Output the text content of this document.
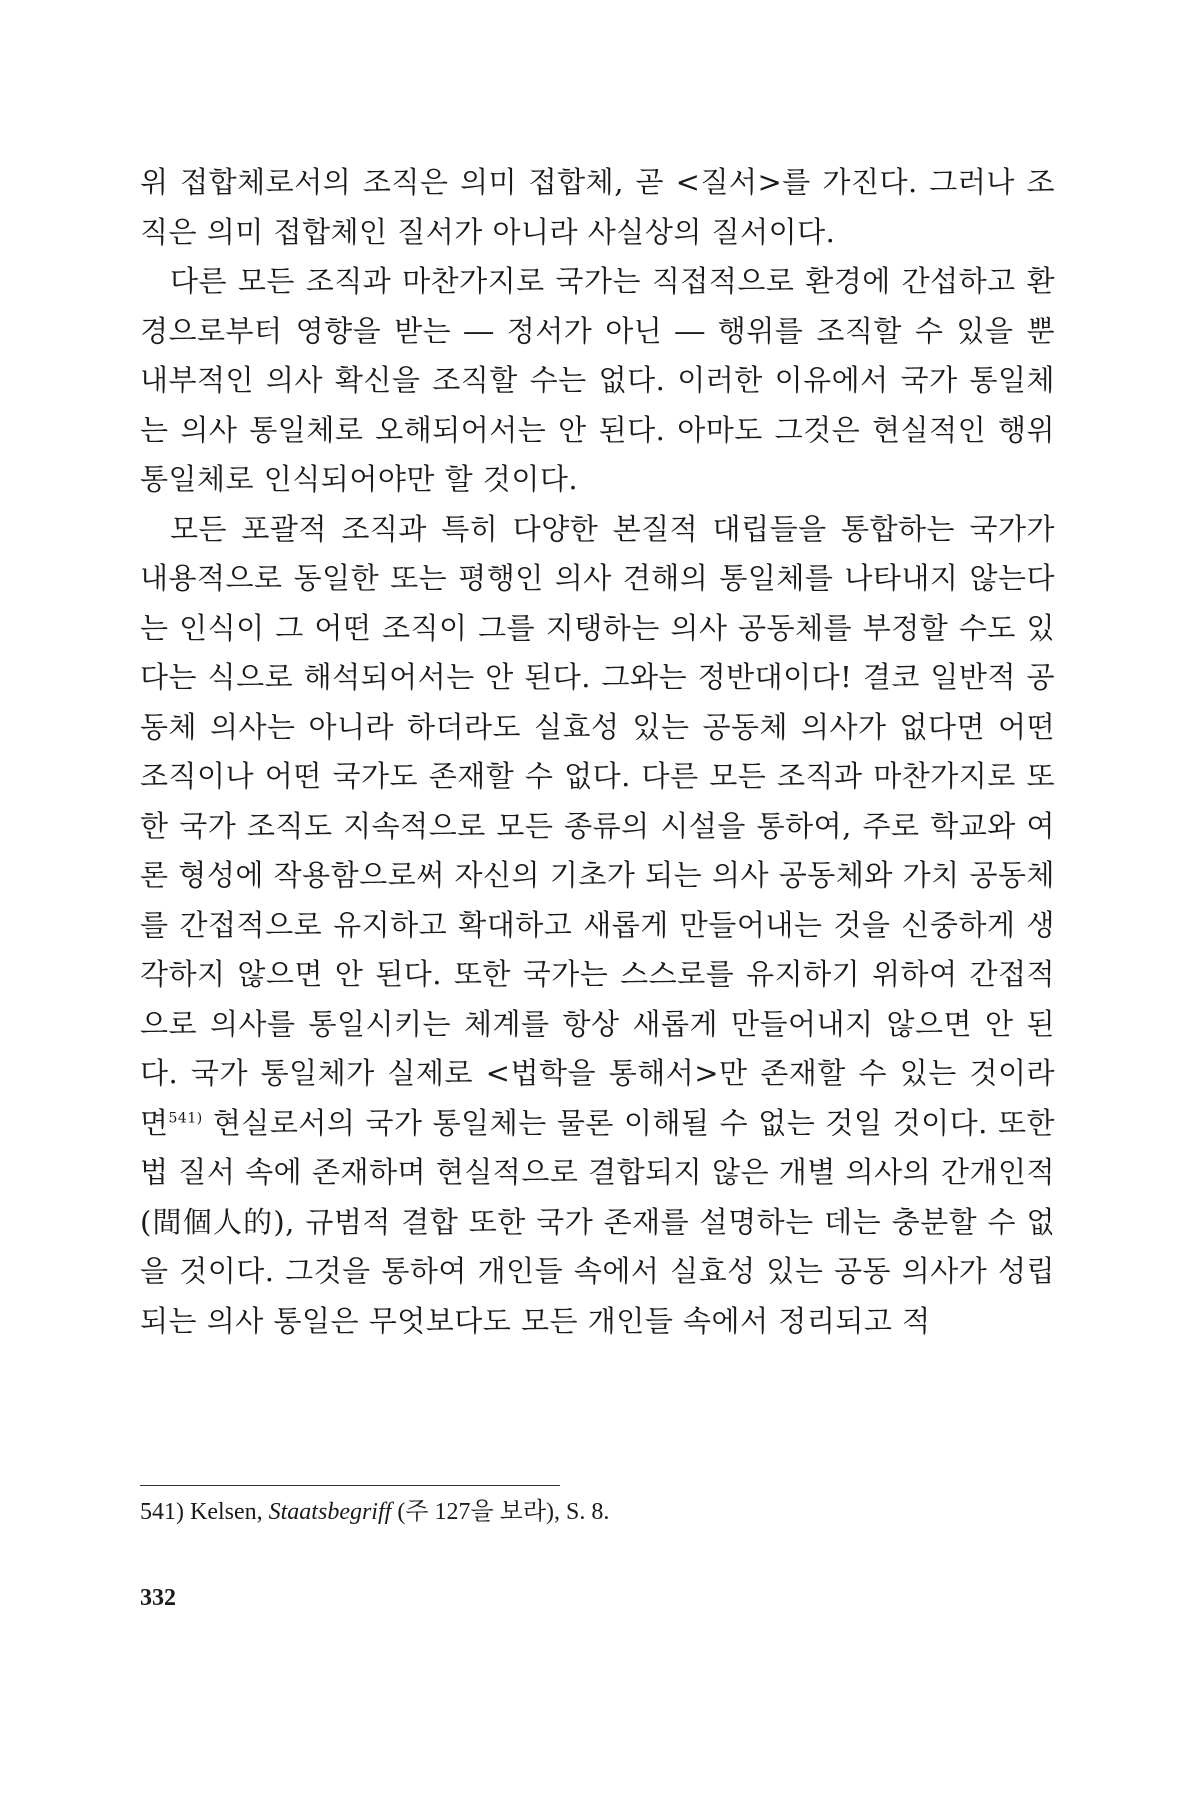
위 접합체로서의 조직은 의미 접합체, 곧 <질서>를 가진다. 그러나 조직은 의미 접합체인 질서가 아니라 사실상의 질서이다.

다른 모든 조직과 마찬가지로 국가는 직접적으로 환경에 간섭하고 환경으로부터 영향을 받는 ― 정서가 아닌 ― 행위를 조직할 수 있을 뿐 내부적인 의사 확신을 조직할 수는 없다. 이러한 이유에서 국가 통일체는 의사 통일체로 오해되어서는 안 된다. 아마도 그것은 현실적인 행위 통일체로 인식되어야만 할 것이다.

모든 포괄적 조직과 특히 다양한 본질적 대립들을 통합하는 국가가 내용적으로 동일한 또는 평행인 의사 견해의 통일체를 나타내지 않는다는 인식이 그 어떤 조직이 그를 지탱하는 의사 공동체를 부정할 수도 있다는 식으로 해석되어서는 안 된다. 그와는 정반대이다! 결코 일반적 공동체 의사는 아니라 하더라도 실효성 있는 공동체 의사가 없다면 어떤 조직이나 어떤 국가도 존재할 수 없다. 다른 모든 조직과 마찬가지로 또한 국가 조직도 지속적으로 모든 종류의 시설을 통하여, 주로 학교와 여론 형성에 작용함으로써 자신의 기초가 되는 의사 공동체와 가치 공동체를 간접적으로 유지하고 확대하고 새롭게 만들어내는 것을 신중하게 생각하지 않으면 안 된다. 또한 국가는 스스로를 유지하기 위하여 간접적으로 의사를 통일시키는 체계를 항상 새롭게 만들어내지 않으면 안 된다. 국가 통일체가 실제로 <법학을 통해서>만 존재할 수 있는 것이라면$^{541)}$ 현실로서의 국가 통일체는 물론 이해될 수 없는 것일 것이다. 또한 법 질서 속에 존재하며 현실적으로 결합되지 않은 개별 의사의 간개인적(間個人的), 규범적 결합 또한 국가 존재를 설명하는 데는 충분할 수 없을 것이다. 그것을 통하여 개인들 속에서 실효성 있는 공동 의사가 성립되는 의사 통일은 무엇보다도 모든 개인들 속에서 정리되고 적

541) Kelsen, Staatsbegriff (주 127을 보라), S. 8.
332
